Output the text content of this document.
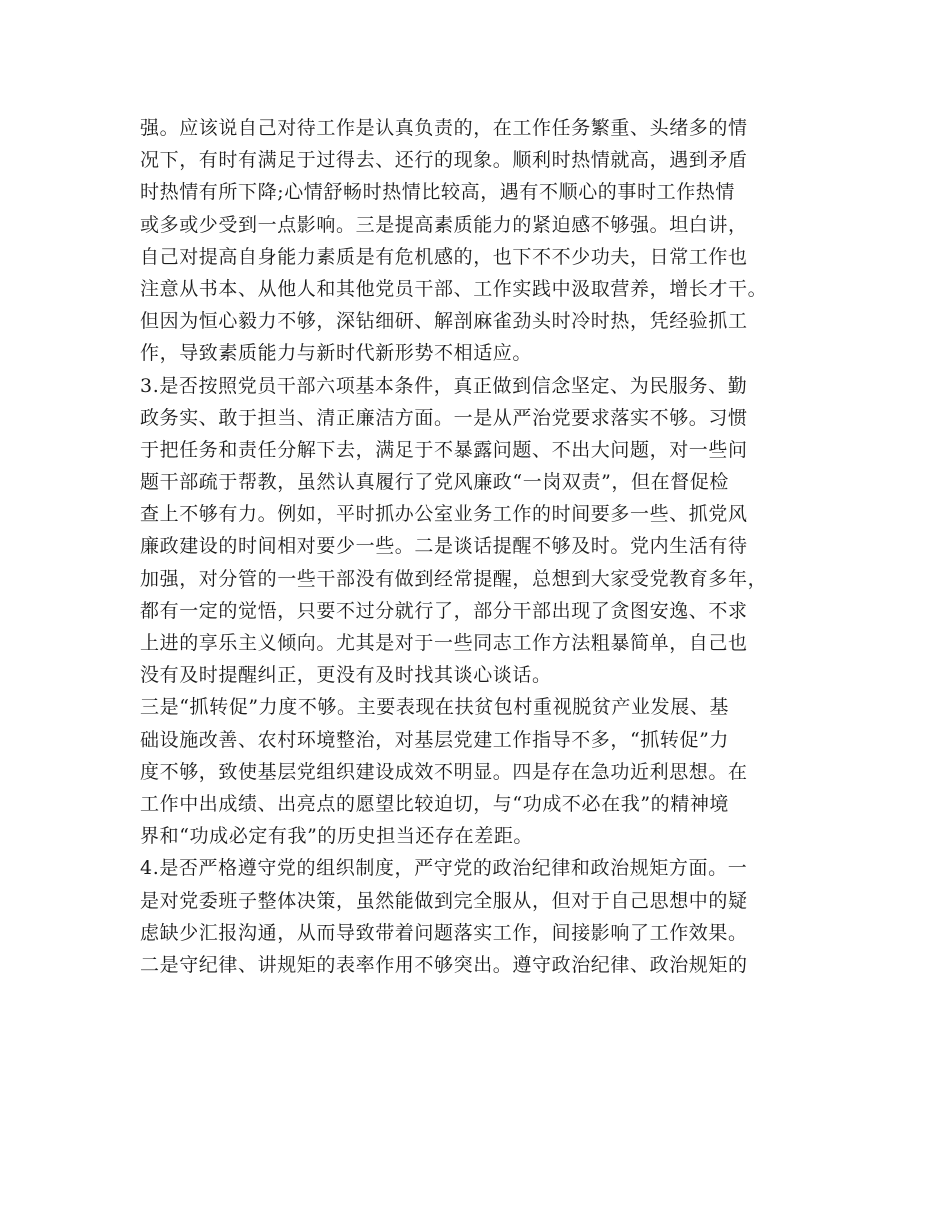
强。应该说自己对待工作是认真负责的，在工作任务繁重、头绪多的情
况下，有时有满足于过得去、还行的现象。顺利时热情就高，遇到矛盾
时热情有所下降;心情舒畅时热情比较高，遇有不顺心的事时工作热情
或多或少受到一点影响。三是提高素质能力的紧迫感不够强。坦白讲，
自己对提高自身能力素质是有危机感的，也下不不少功夫，日常工作也
注意从书本、从他人和其他党员干部、工作实践中汲取营养，增长才干。
但因为恒心毅力不够，深钻细研、解剖麻雀劲头时冷时热，凭经验抓工
作，导致素质能力与新时代新形势不相适应。
3.是否按照党员干部六项基本条件，真正做到信念坚定、为民服务、勤
政务实、敢于担当、清正廉洁方面。一是从严治党要求落实不够。习惯
于把任务和责任分解下去，满足于不暴露问题、不出大问题，对一些问
题干部疏于帮教，虽然认真履行了党风廉政“一岗双责”，但在督促检
查上不够有力。例如，平时抓办公室业务工作的时间要多一些、抓党风
廉政建设的时间相对要少一些。二是谈话提醒不够及时。党内生活有待
加强，对分管的一些干部没有做到经常提醒，总想到大家受党教育多年，
都有一定的觉悟，只要不过分就行了，部分干部出现了贪图安逸、不求
上进的享乐主义倾向。尤其是对于一些同志工作方法粗暴简单，自己也
没有及时提醒纠正，更没有及时找其谈心谈话。
三是“抓转促”力度不够。主要表现在扶贫包村重视脱贫产业发展、基
础设施改善、农村环境整治，对基层党建工作指导不多，“抓转促”力
度不够，致使基层党组织建设成效不明显。四是存在急功近利思想。在
工作中出成绩、出亮点的愿望比较迫切，与“功成不必在我”的精神境
界和“功成必定有我”的历史担当还存在差距。
4.是否严格遵守党的组织制度，严守党的政治纪律和政治规矩方面。一
是对党委班子整体决策，虽然能做到完全服从，但对于自己思想中的疑
虑缺少汇报沟通，从而导致带着问题落实工作，间接影响了工作效果。
二是守纪律、讲规矩的表率作用不够突出。遵守政治纪律、政治规矩的
